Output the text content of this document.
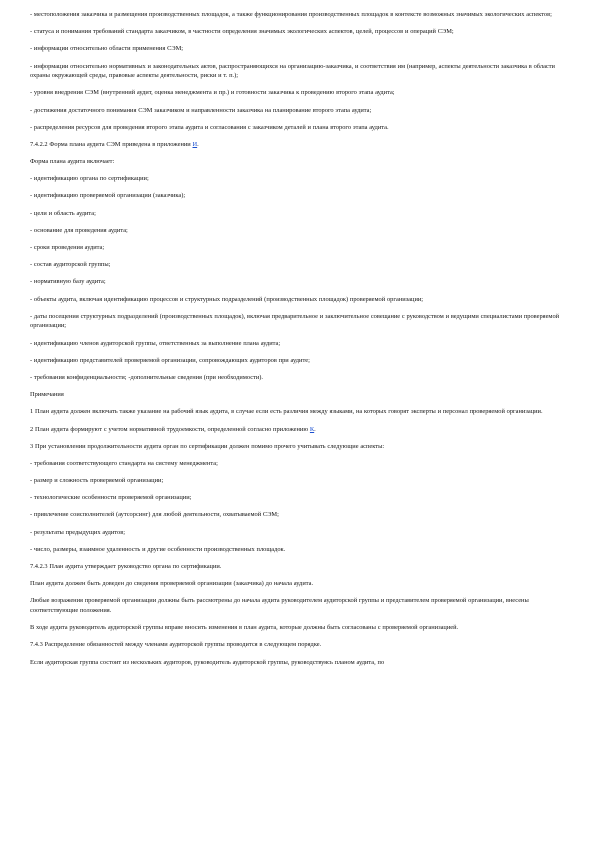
- местоположения заказчика и размещения производственных площадок, а также функционирования производственных площадок в контексте возможных значимых экологических аспектов;

- статуса и понимания требований стандарта заказчиком, в частности определения значимых экологических аспектов, целей, процессов и операций СЭМ;

- информации относительно области применения СЭМ;

- информации относительно нормативных и законодательных актов, распространяющихся на организацию-заказчика, и соответствия им (например, аспекты деятельности заказчика в области охраны окружающей среды, правовые аспекты деятельности, риски и т. п.);

- уровня внедрения СЭМ (внутренний аудит, оценка менеджмента и пр.) и готовности заказчика к проведению второго этапа аудита;

- достижения достаточного понимания СЭМ заказчиком и направленности заказчика на планирование второго этапа аудита;

- распределения ресурсов для проведения второго этапа аудита и согласования с заказчиком деталей и плана второго этапа аудита.

7.4.2.2 Форма плана аудита СЭМ приведена в приложении И.

Форма плана аудита включает:

- идентификацию органа по сертификации;

- идентификацию проверяемой организации (заказчика);

- цели и область аудита;

- основание для проведения аудита;

- сроки проведения аудита;

- состав аудиторской группы;

- нормативную базу аудита;

- объекты аудита, включая идентификацию процессов и структурных подразделений (производственных площадок) проверяемой организации;

- даты посещения структурных подразделений (производственных площадок), включая предварительное и заключительное совещание с руководством и ведущими специалистами проверяемой организации;

- идентификацию членов аудиторской группы, ответственных за выполнение плана аудита;

- идентификацию представителей проверяемой организации, сопровождающих аудиторов при аудите;

- требования конфиденциальности; -дополнительные сведения (при необходимости).

Примечания

1 План аудита должен включать также указание на рабочий язык аудита, в случае если есть различия между языками, на которых говорят эксперты и персонал проверяемой организации.

2 План аудита формируют с учетом нормативной трудоемкости, определенной согласно приложению К.

3 При установлении продолжительности аудита орган по сертификации должен помимо прочего учитывать следующие аспекты:

- требования соответствующего стандарта на систему менеджмента;

- размер и сложность проверяемой организации;

- технологические особенности проверяемой организации;

- привлечение соисполнителей (аутсорсинг) для любой деятельности, охватываемой СЭМ;

- результаты предыдущих аудитов;

- число, размеры, взаимное удаленность и другие особенности производственных площадок.

7.4.2.3 План аудита утверждает руководство органа по сертификации.

План аудита должен быть доведен до сведения проверяемой организации (заказчика) до начала аудита.

Любые возражения проверяемой организации должны быть рассмотрены до начала аудита руководителем аудиторской группы и представителем проверяемой организации, внесены соответствующие положения.

В ходе аудита руководитель аудиторской группы вправе вносить изменения в план аудита, которые должны быть согласованы с проверяемой организацией.

7.4.3 Распределение обязанностей между членами аудиторской группы проводится в следующем порядке.

Если аудиторская группа состоит из нескольких аудиторов, руководитель аудиторской группы, руководствуясь планом аудита, по
